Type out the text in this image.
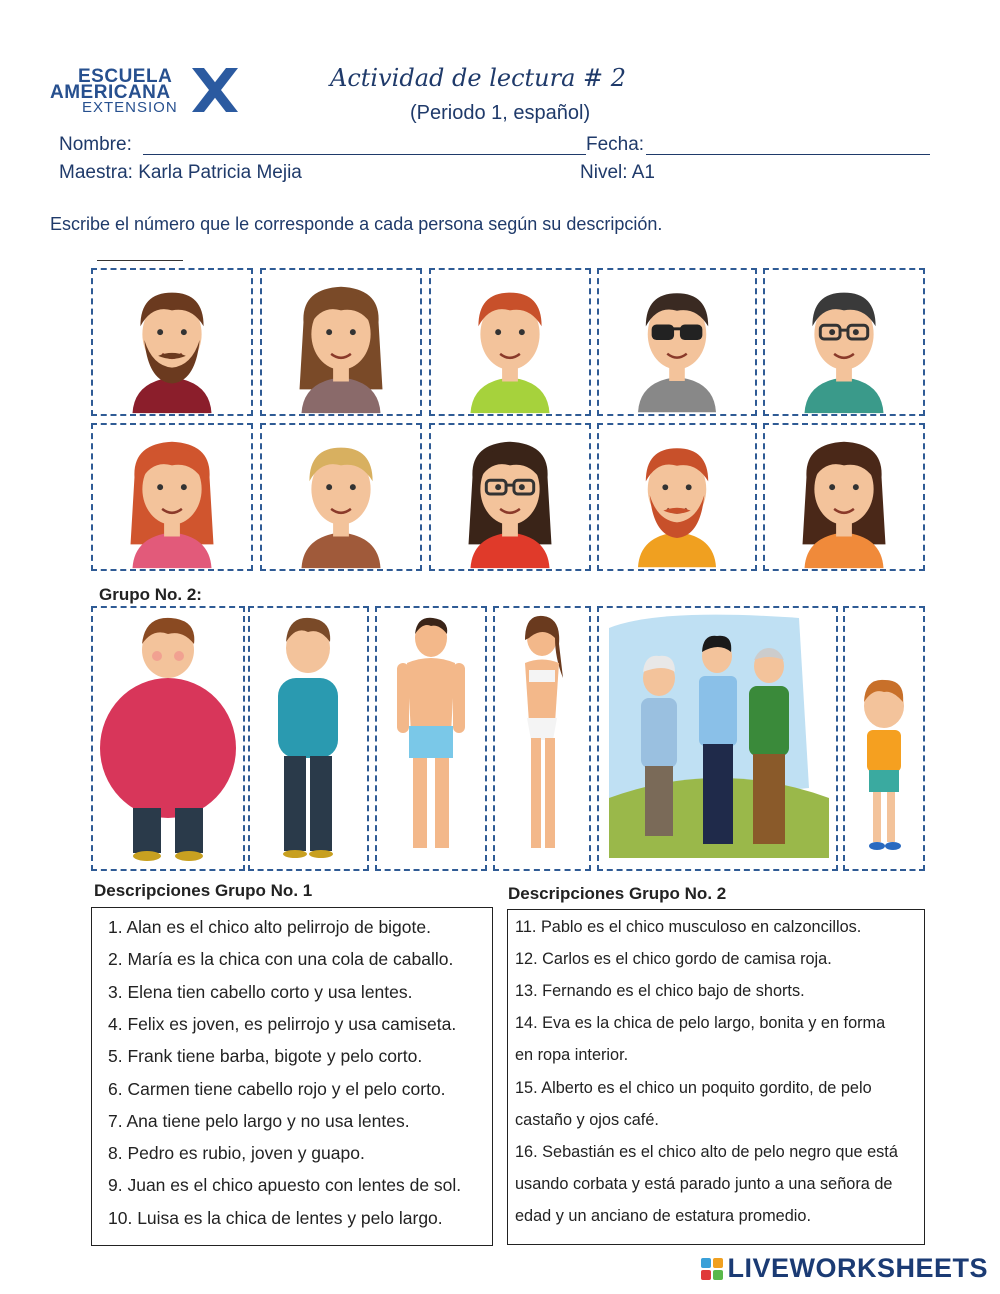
ESCUELA
AMERICANA
EXTENSION
Actividad de lectura # 2
(Periodo 1, español)
Nombre:	Fecha:
Maestra: Karla Patricia Mejia	Nivel: A1
Escribe el número que le corresponde a cada persona según su descripción.
Grupo No. 2:
Descripciones Grupo No. 1	Descripciones Grupo No. 2
1. Alan es el chico alto pelirrojo de bigote.
2. María es la chica con una cola de caballo.
3. Elena tien cabello corto y usa lentes.
4. Felix es joven, es pelirrojo y usa camiseta.
5. Frank tiene barba, bigote y pelo corto.
6. Carmen tiene cabello rojo y el pelo corto.
7. Ana tiene pelo largo y no usa lentes.
8. Pedro es rubio, joven y guapo.
9. Juan es el chico apuesto con lentes de sol.
10. Luisa es la chica de lentes y pelo largo.
11. Pablo es el chico musculoso en calzoncillos.
12. Carlos es el chico gordo de camisa roja.
13. Fernando es el chico bajo de shorts.
14. Eva es la chica de pelo largo, bonita y en forma
en ropa interior.
15. Alberto es el chico un poquito gordito, de pelo
castaño y ojos café.
16. Sebastián es el chico alto de pelo negro que está
usando corbata y está parado junto a una señora de
edad y un anciano de estatura promedio.
LIVEWORKSHEETS
